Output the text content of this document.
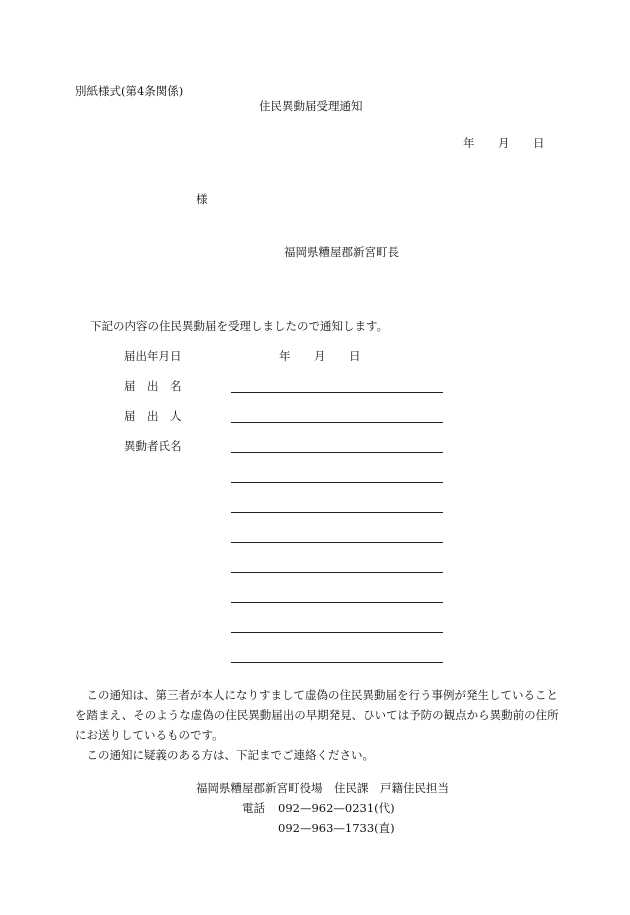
別紙様式(第4条関係)
住民異動届受理通知
年 月 日
様
福岡県糟屋郡新宮町長
下記の内容の住民異動届を受理しましたので通知します。
届出年月日	年 月 日
届　出　名
届　出　人
異動者氏名

この通知は、第三者が本人になりすまして虚偽の住民異動届を行う事例が発生していることを踏まえ、そのような虚偽の住民異動届出の早期発見、ひいては予防の観点から異動前の住所にお送りしているものです。

この通知に疑義のある方は、下記までご連絡ください。

福岡県糟屋郡新宮町役場　住民課　戸籍住民担当
電話 092—962—0231(代)
092—963—1733(直)
